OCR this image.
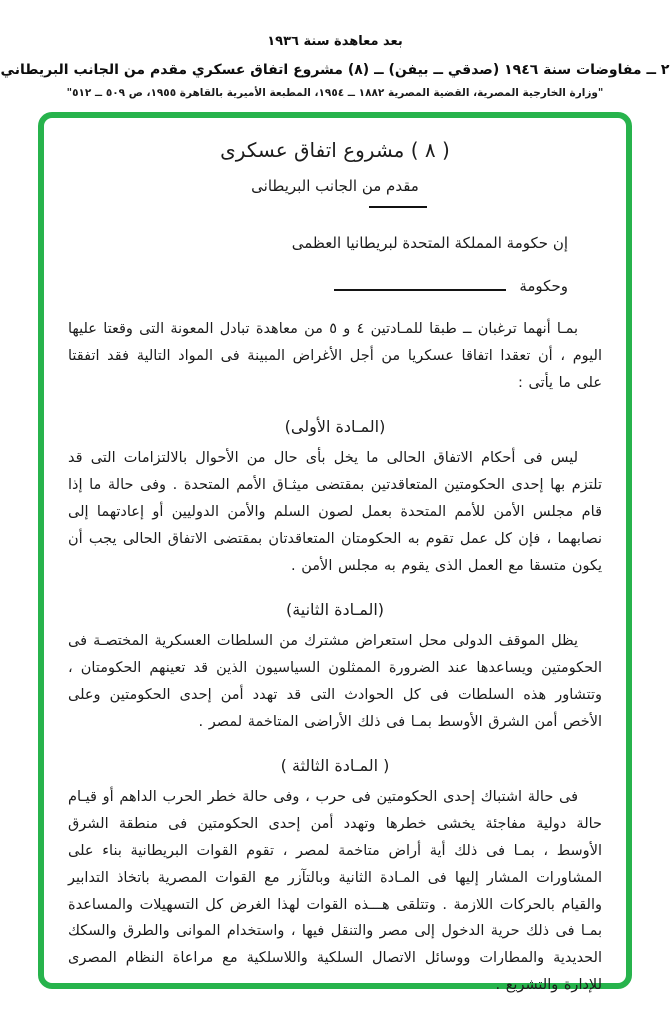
بعد معاهدة سنة ١٩٣٦
٢ ــ مفاوضات سنة ١٩٤٦ (صدقي ــ بيفن) ــ (٨) مشروع اتفاق عسكري مقدم من الجانب البريطاني
"وزارة الخارجية المصرية، القضية المصرية ١٨٨٢ ــ ١٩٥٤، المطبعة الأميرية بالقاهرة ١٩٥٥، ص ٥٠٩ ــ ٥١٢"
( ٨ ) مشروع اتفاق عسكرى
مقدم من الجانب البريطانى

إن حكومة المملكة المتحدة لبريطانيا العظمى

وحكومة

بمـا أنهما ترغبان ــ طبقا للمـادتين ٤ و ٥ من معاهدة تبادل المعونة التى وقعتا عليها اليوم ، أن تعقدا اتفاقا عسكريا من أجل الأغراض المبينة فى المواد التالية فقد اتفقتا على ما يأتى :

(المـادة الأولى)

ليس فى أحكام الاتفاق الحالى ما يخل بأى حال من الأحوال بالالتزامات التى قد تلتزم بها إحدى الحكومتين المتعاقدتين بمقتضى ميثـاق الأمم المتحدة . وفى حالة ما إذا قام مجلس الأمن للأمم المتحدة بعمل لصون السلم والأمن الدوليين أو إعادتهما إلى نصابهما ، فإن كل عمل تقوم به الحكومتان المتعاقدتان بمقتضى الاتفاق الحالى يجب أن يكون متسقا مع العمل الذى يقوم به مجلس الأمن .

(المـادة الثانية)

يظل الموقف الدولى محل استعراض مشترك من السلطات العسكرية المختصـة فى الحكومتين ويساعدها عند الضرورة الممثلون السياسيون الذين قد تعينهم الحكومتان ، وتتشاور هذه السلطات فى كل الحوادث التى قد تهدد أمن إحدى الحكومتين وعلى الأخص أمن الشرق الأوسط بمـا فى ذلك الأراضى المتاخمة لمصر .

( المـادة الثالثة )

فى حالة اشتباك إحدى الحكومتين فى حرب ، وفى حالة خطر الحرب الداهم أو قيـام حالة دولية مفاجئة يخشى خطرها وتهدد أمن إحدى الحكومتين فى منطقة الشرق الأوسط ، بمـا فى ذلك أية أراض متاخمة لمصر ، تقوم القوات البريطانية بناء على المشاورات المشار إليها فى المـادة الثانية وبالتآزر مع القوات المصرية باتخاذ التدابير والقيام بالحركات اللازمة . وتتلقى هـــذه القوات لهذا الغرض كل التسهيلات والمساعدة بمـا فى ذلك حرية الدخول إلى مصر والتنقل فيها ، واستخدام الموانى والطرق والسكك الحديدية والمطارات ووسائل الاتصال السلكية واللاسلكية مع مراعاة النظام المصرى للإدارة والتشريع .
